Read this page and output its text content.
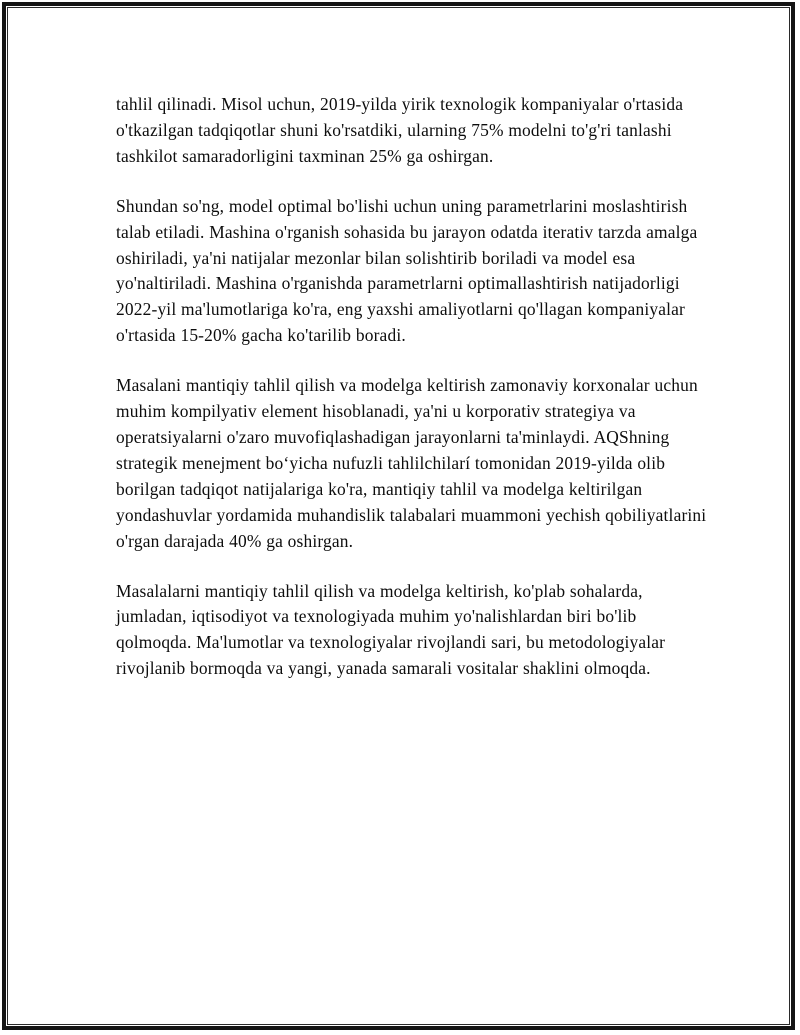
tahlil qilinadi. Misol uchun, 2019-yilda yirik texnologik kompaniyalar o'rtasida o'tkazilgan tadqiqotlar shuni ko'rsatdiki, ularning 75% modelni to'g'ri tanlashi tashkilot samaradorligini taxminan 25% ga oshirgan.

Shundan so'ng, model optimal bo'lishi uchun uning parametrlarini moslashtirish talab etiladi. Mashina o'rganish sohasida bu jarayon odatda iterativ tarzda amalga oshiriladi, ya'ni natijalar mezonlar bilan solishtirib boriladi va model esa yo'naltiriladi. Mashina o'rganishda parametrlarni optimallashtirish natijadorligi 2022-yil ma'lumotlariga ko'ra, eng yaxshi amaliyotlarni qo'llagan kompaniyalar o'rtasida 15-20% gacha ko'tarilib boradi.

Masalani mantiqiy tahlil qilish va modelga keltirish zamonaviy korxonalar uchun muhim kompilyativ element hisoblanadi, ya'ni u korporativ strategiya va operatsiyalarni o'zaro muvofiqlashadigan jarayonlarni ta'minlaydi. AQShning strategik menejment bo‘yicha nufuzli tahlilchilarí tomonidan 2019-yilda olib borilgan tadqiqot natijalariga ko'ra, mantiqiy tahlil va modelga keltirilgan yondashuvlar yordamida muhandislik talabalari muammoni yechish qobiliyatlarini o'rgan darajada 40% ga oshirgan.

Masalalarni mantiqiy tahlil qilish va modelga keltirish, ko'plab sohalarda, jumladan, iqtisodiyot va texnologiyada muhim yo'nalishlardan biri bo'lib qolmoqda. Ma'lumotlar va texnologiyalar rivojlandi sari, bu metodologiyalar rivojlanib bormoqda va yangi, yanada samarali vositalar shaklini olmoqda.
